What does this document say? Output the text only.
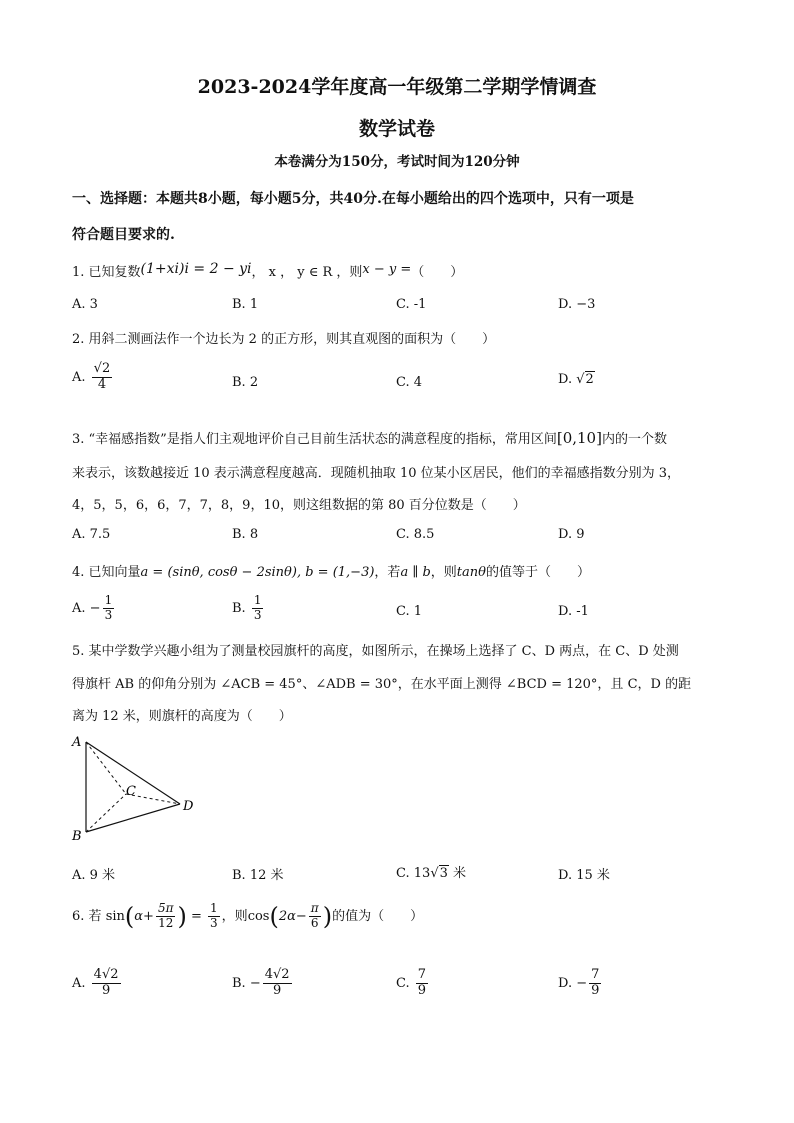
2023-2024学年度高一年级第二学期学情调查
数学试卷
本卷满分为150分，考试时间为120分钟
一、选择题：本题共8小题，每小题5分，共40分.在每小题给出的四个选项中，只有一项是
符合题目要求的.
1. 已知复数(1+xi)i = 2 − yi， x ， y ∈ R ，则x − y =（　　）
A. 3	B. 1	C. -1	D. −3
2. 用斜二测画法作一个边长为 2 的正方形，则其直观图的面积为（　　）
A. $\frac{√2}{4}$	B. 2	C. 4	D. √2
3. “幸福感指数”是指人们主观地评价自己目前生活状态的满意程度的指标，常用区间[0,10]内的一个数
来表示，该数越接近 10 表示满意程度越高．现随机抽取 10 位某小区居民，他们的幸福感指数分别为 3，
4，5，5，6，6，7，7，8，9，10，则这组数据的第 80 百分位数是（　　）
A. 7.5	B. 8	C. 8.5	D. 9
4. 已知向量a = (sinθ, cosθ − 2sinθ), b = (1,−3)，若a ∥ b，则tanθ的值等于（　　）
A. − $\frac{1}{3}$	B. $\frac{1}{3}$	C. 1	D. -1
5. 某中学数学兴趣小组为了测量校园旗杆的高度，如图所示，在操场上选择了 C、D 两点，在 C、D 处测
得旗杆 AB 的仰角分别为 ∠ACB = 45°、∠ADB = 30°，在水平面上测得 ∠BCD = 120°，且 C，D 的距
离为 12 米，则旗杆的高度为（　　）
A
B
C
D
A. 9 米	B. 12 米	C. 13√3 米	D. 15 米
6. 若 $\sin(\alpha+ \frac{5\pi}{12}$ ) = $\frac{1}{3}$ ，则$\cos(2\alpha- \frac{\pi}{6}$ )的值为（　　）
A. $\frac{4√2}{9}$	B. − $\frac{4√2}{9}$	C. $\frac{7}{9}$	D. − $\frac{7}{9}$
